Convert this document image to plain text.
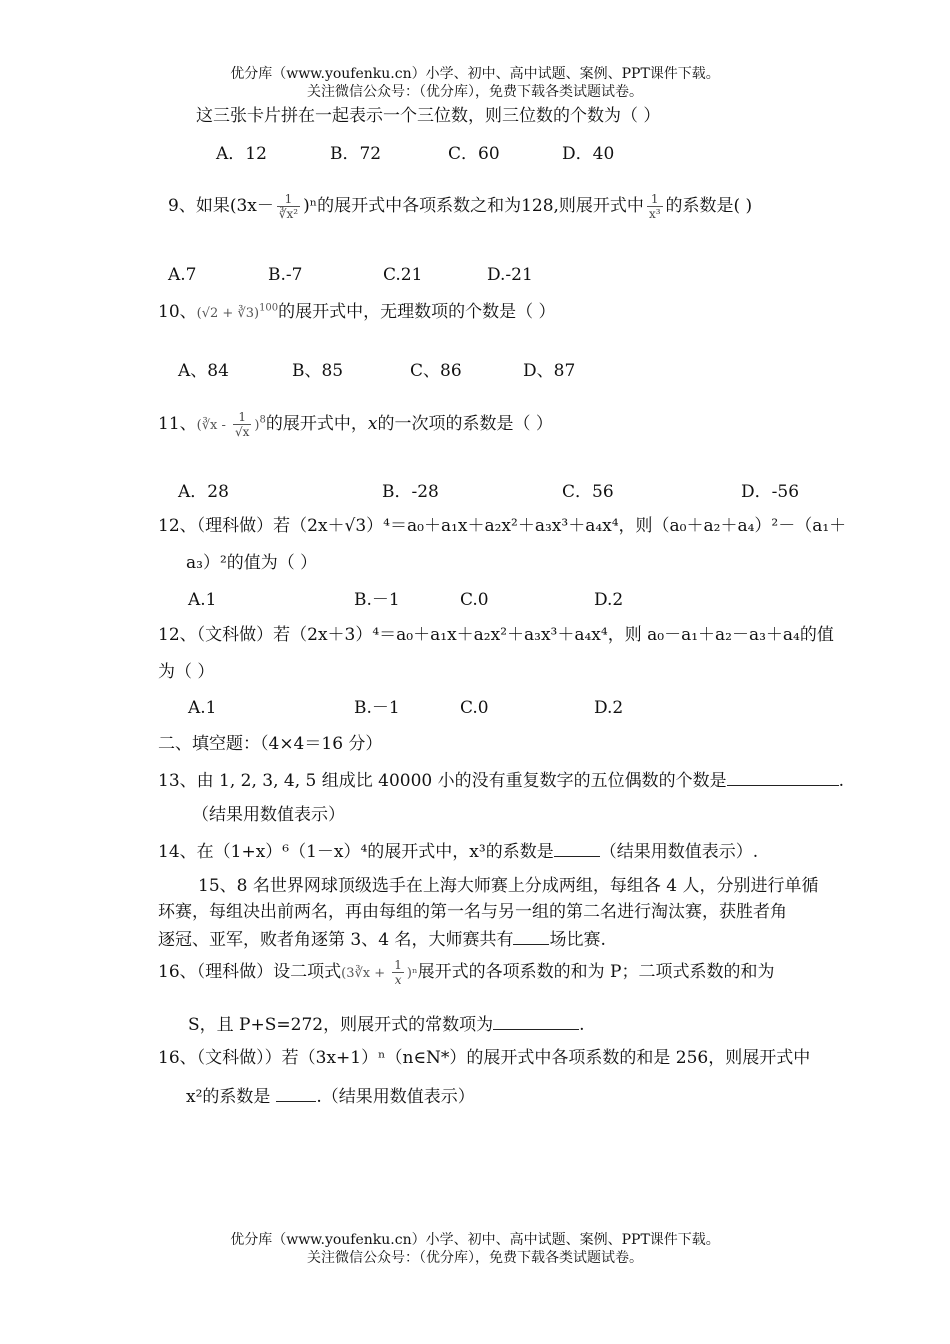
优分库（www.youfenku.cn）小学、初中、高中试题、案例、PPT课件下载。
关注微信公众号：（优分库），免费下载各类试题试卷。
这三张卡片拼在一起表示一个三位数，则三位数的个数为（ ）
A．12	B．72	C．60	D．40
9、如果$(3x- \frac{1}{\text{∛x²}} )^n$的展开式中各项系数之和为128,则展开式中 $\frac{1}{\text{x³}}$ 的系数是( )
A.7	B.-7	C.21	D.-21
10、(√2 + ∛3)$^{100}$的展开式中，无理数项的个数是（ ）
A、84	B、85	C、86	D、87
11、(∛x - $\frac{1}{√x} )^8$的展开式中，x的一次项的系数是（ ）
A．28	B．-28	C．56	D．-56
12、（理科做）若（2x＋√3）⁴＝a₀＋a₁x＋a₂x²＋a₃x³＋a₄x⁴，则（a₀＋a₂＋a₄）²－（a₁＋
a₃）²的值为（ ）
A.1	B.－1	C.0	D.2
12、（文科做）若（2x＋3）⁴＝a₀＋a₁x＋a₂x²＋a₃x³＋a₄x⁴，则 a₀－a₁＋a₂－a₃＋a₄的值
为（ ）
A.1	B.－1	C.0	D.2
二、填空题：（4×4＝16 分）
13、由 1, 2, 3, 4, 5 组成比 40000 小的没有重复数字的五位偶数的个数是	.
（结果用数值表示）
14、在（1+x）⁶（1－x）⁴的展开式中，x³的系数是	（结果用数值表示）.
15、8 名世界网球顶级选手在上海大师赛上分成两组，每组各 4 人，分别进行单循
环赛，每组决出前两名，再由每组的第一名与另一组的第二名进行淘汰赛，获胜者角
逐冠、亚军，败者角逐第 3、4 名，大师赛共有 场比赛.
16、（理科做）设二项式(3∛x + $\frac{1}{x} )^n$展开式的各项系数的和为 P；二项式系数的和为
S，且 P+S=272，则展开式的常数项为	.
16、（文科做））若（3x+1）ⁿ（n∈N*）的展开式中各项系数的和是 256，则展开式中
x²的系数是	.（结果用数值表示）
优分库（www.youfenku.cn）小学、初中、高中试题、案例、PPT课件下载。
关注微信公众号：（优分库），免费下载各类试题试卷。
